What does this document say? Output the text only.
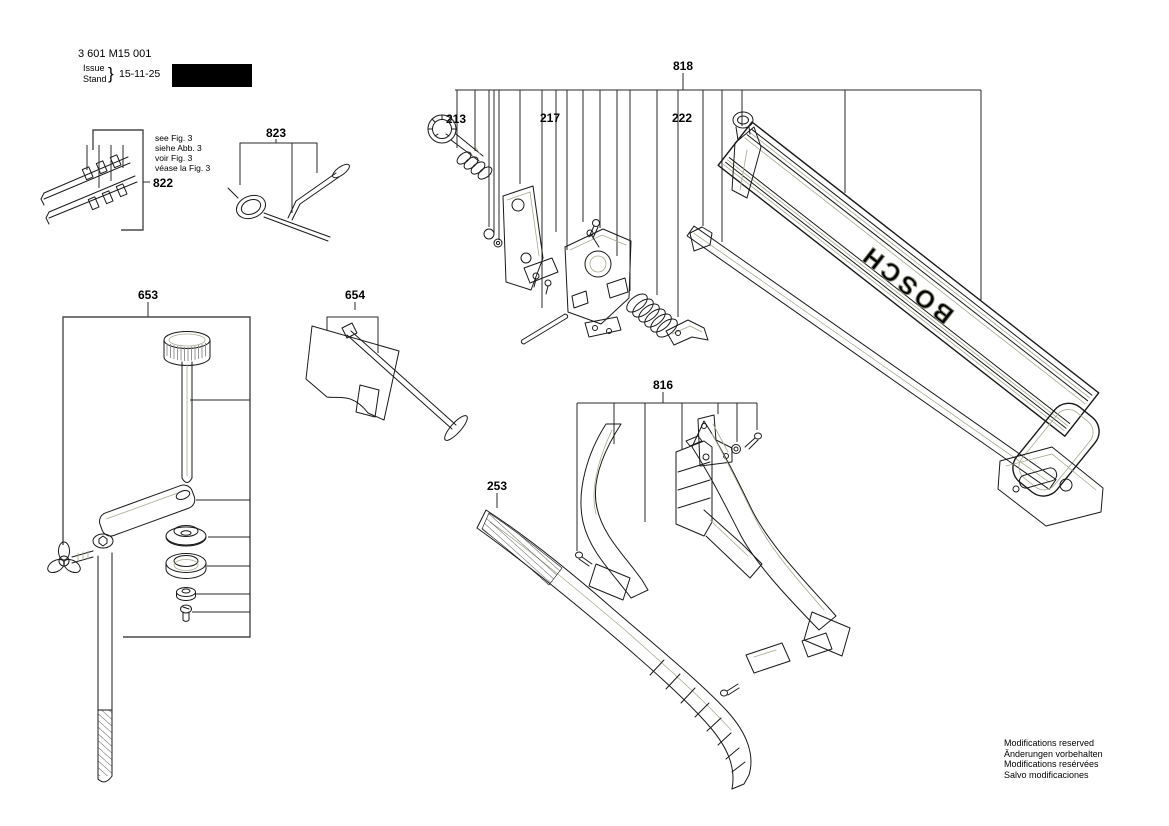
3 601 M15 001
Issue
Stand } 15-11-25 Fig./Abb. 5
822
see Fig. 3
siehe Abb. 3
voir Fig. 3
véase la Fig. 3
823
818
213	217	222
BOSCH
653	654
816
253
Modifications reserved
Änderungen vorbehalten
Modifications resérvées
Salvo modificaciones
